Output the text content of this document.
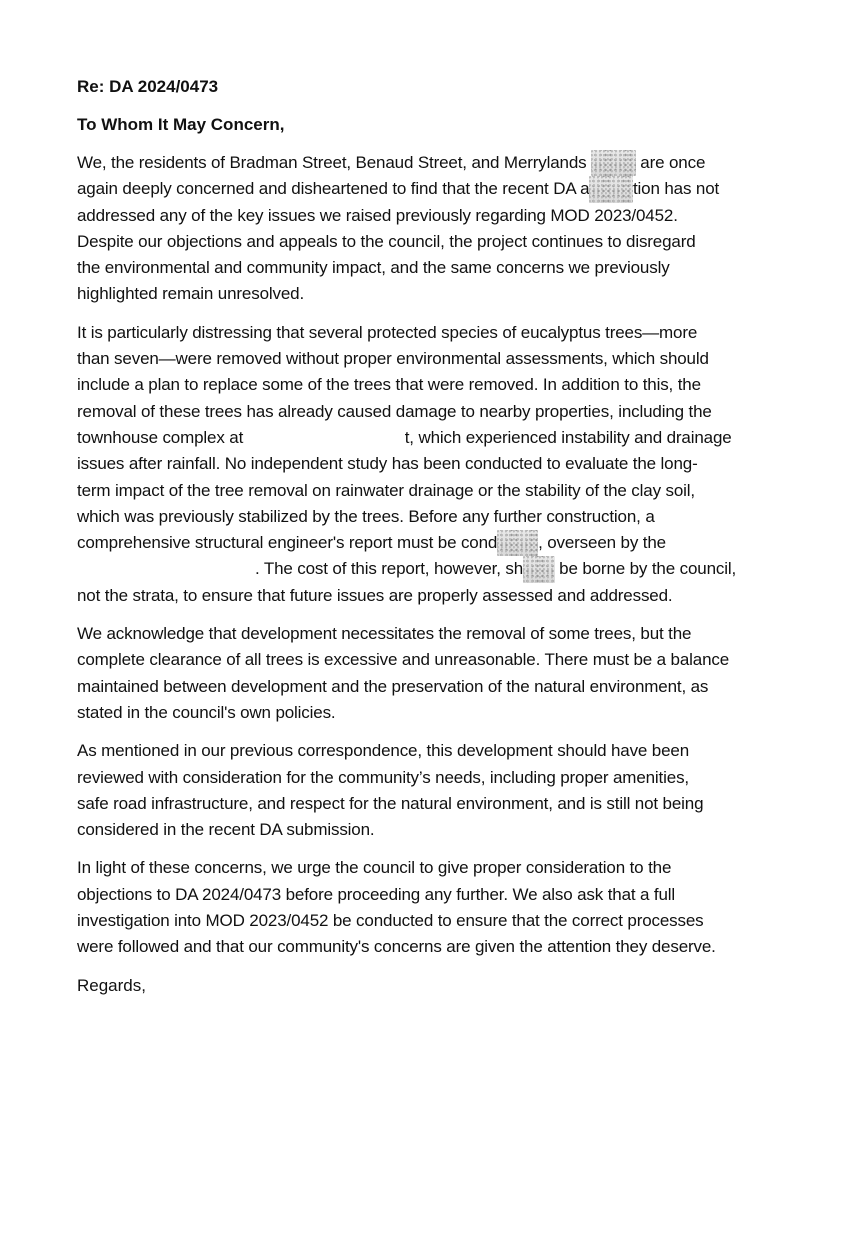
Re: DA 2024/0473
To Whom It May Concern,
We, the residents of Bradman Street, Benaud Street, and Merrylands	are once
again deeply concerned and disheartened to find that the recent DA a	tion has not
addressed any of the key issues we raised previously regarding MOD 2023/0452.
Despite our objections and appeals to the council, the project continues to disregard
the environmental and community impact, and the same concerns we previously
highlighted remain unresolved.
It is particularly distressing that several protected species of eucalyptus trees—more
than seven—were removed without proper environmental assessments, which should
include a plan to replace some of the trees that were removed. In addition to this, the
removal of these trees has already caused damage to nearby properties, including the
townhouse complex at	t, which experienced instability and drainage
issues after rainfall. No independent study has been conducted to evaluate the long-
term impact of the tree removal on rainwater drainage or the stability of the clay soil,
which was previously stabilized by the trees. Before any further construction, a
comprehensive structural engineer's report must be cond , overseen by the
. The cost of this report, however, sh be borne by the council,
not the strata, to ensure that future issues are properly assessed and addressed.
We acknowledge that development necessitates the removal of some trees, but the
complete clearance of all trees is excessive and unreasonable. There must be a balance
maintained between development and the preservation of the natural environment, as
stated in the council's own policies.
As mentioned in our previous correspondence, this development should have been
reviewed with consideration for the community’s needs, including proper amenities,
safe road infrastructure, and respect for the natural environment, and is still not being
considered in the recent DA submission.
In light of these concerns, we urge the council to give proper consideration to the
objections to DA 2024/0473 before proceeding any further. We also ask that a full
investigation into MOD 2023/0452 be conducted to ensure that the correct processes
were followed and that our community's concerns are given the attention they deserve.
Regards,
